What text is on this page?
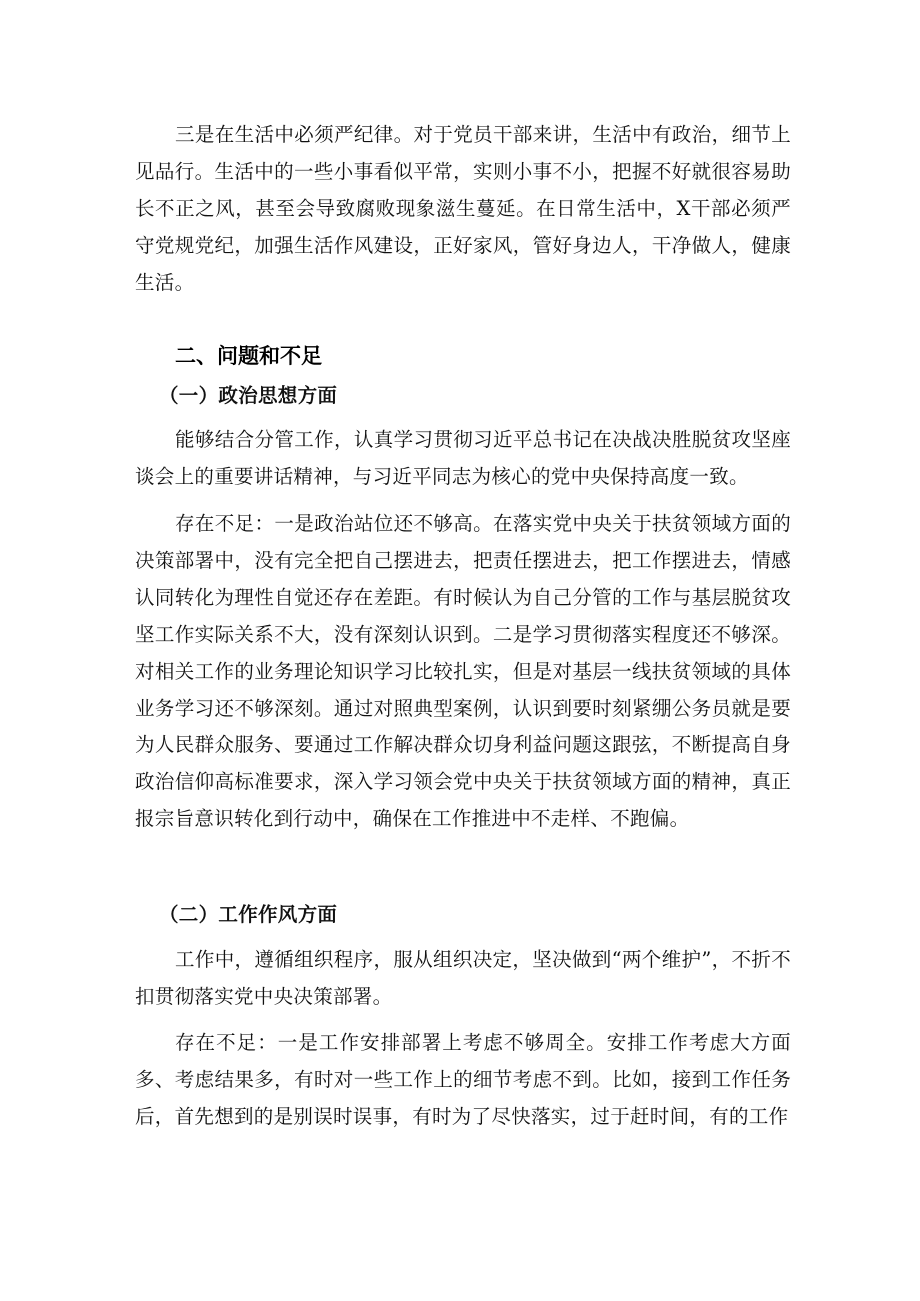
三是在生活中必须严纪律。对于党员干部来讲，生活中有政治，细节上见品行。生活中的一些小事看似平常，实则小事不小，把握不好就很容易助长不正之风，甚至会导致腐败现象滋生蔓延。在日常生活中，X干部必须严守党规党纪，加强生活作风建设，正好家风，管好身边人，干净做人，健康生活。

二、问题和不足
（一）政治思想方面

能够结合分管工作，认真学习贯彻习近平总书记在决战决胜脱贫攻坚座谈会上的重要讲话精神，与习近平同志为核心的党中央保持高度一致。

存在不足：一是政治站位还不够高。在落实党中央关于扶贫领域方面的决策部署中，没有完全把自己摆进去，把责任摆进去，把工作摆进去，情感认同转化为理性自觉还存在差距。有时候认为自己分管的工作与基层脱贫攻坚工作实际关系不大，没有深刻认识到。二是学习贯彻落实程度还不够深。对相关工作的业务理论知识学习比较扎实，但是对基层一线扶贫领域的具体业务学习还不够深刻。通过对照典型案例，认识到要时刻紧绷公务员就是要为人民群众服务、要通过工作解决群众切身利益问题这跟弦，不断提高自身政治信仰高标准要求，深入学习领会党中央关于扶贫领域方面的精神，真正报宗旨意识转化到行动中，确保在工作推进中不走样、不跑偏。

（二）工作作风方面

工作中，遵循组织程序，服从组织决定，坚决做到“两个维护”，不折不扣贯彻落实党中央决策部署。

存在不足：一是工作安排部署上考虑不够周全。安排工作考虑大方面多、考虑结果多，有时对一些工作上的细节考虑不到。比如，接到工作任务后，首先想到的是别误时误事，有时为了尽快落实，过于赶时间，有的工作
